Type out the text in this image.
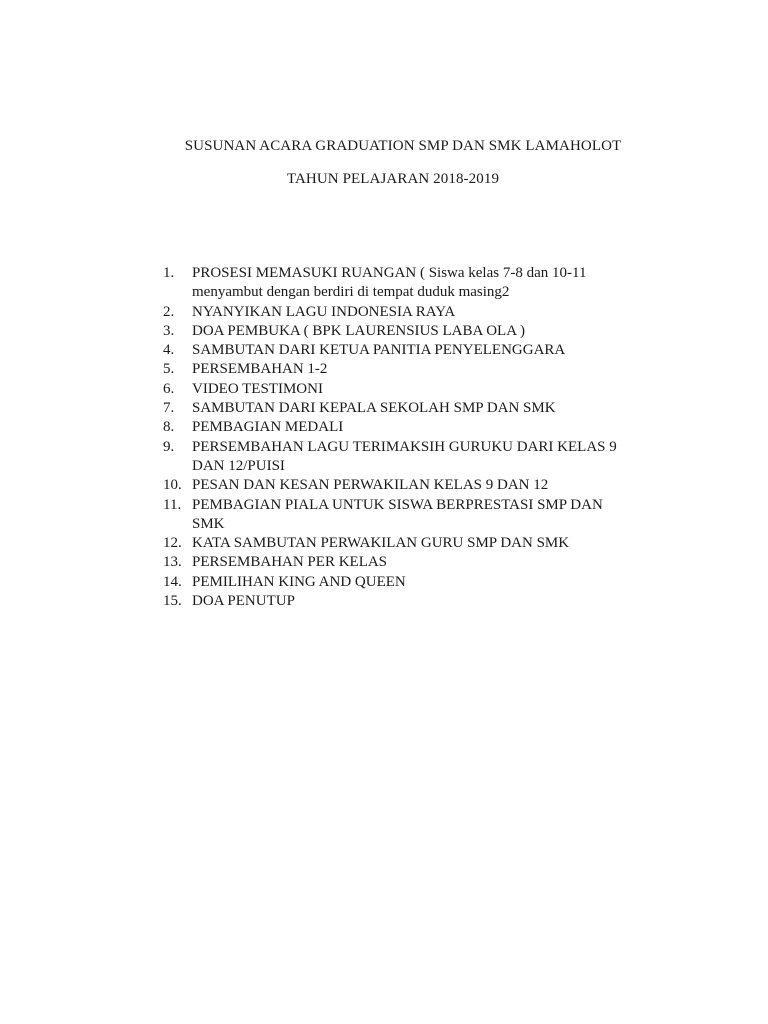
SUSUNAN ACARA GRADUATION SMP DAN SMK LAMAHOLOT
TAHUN PELAJARAN 2018-2019
1.	PROSESI MEMASUKI RUANGAN ( Siswa kelas 7-8 dan 10-11
menyambut dengan berdiri di tempat duduk masing2
2.	NYANYIKAN LAGU INDONESIA RAYA
3.	DOA PEMBUKA ( BPK LAURENSIUS LABA OLA )
4.	SAMBUTAN DARI KETUA PANITIA PENYELENGGARA
5.	PERSEMBAHAN 1-2
6.	VIDEO TESTIMONI
7.	SAMBUTAN DARI KEPALA SEKOLAH SMP DAN SMK
8.	PEMBAGIAN MEDALI
9.	PERSEMBAHAN LAGU TERIMAKSIH GURUKU DARI KELAS 9
DAN 12/PUISI
10. PESAN DAN KESAN PERWAKILAN KELAS 9 DAN 12
11. PEMBAGIAN PIALA UNTUK SISWA BERPRESTASI SMP DAN
SMK
12. KATA SAMBUTAN PERWAKILAN GURU SMP DAN SMK
13. PERSEMBAHAN PER KELAS
14. PEMILIHAN KING AND QUEEN
15. DOA PENUTUP
